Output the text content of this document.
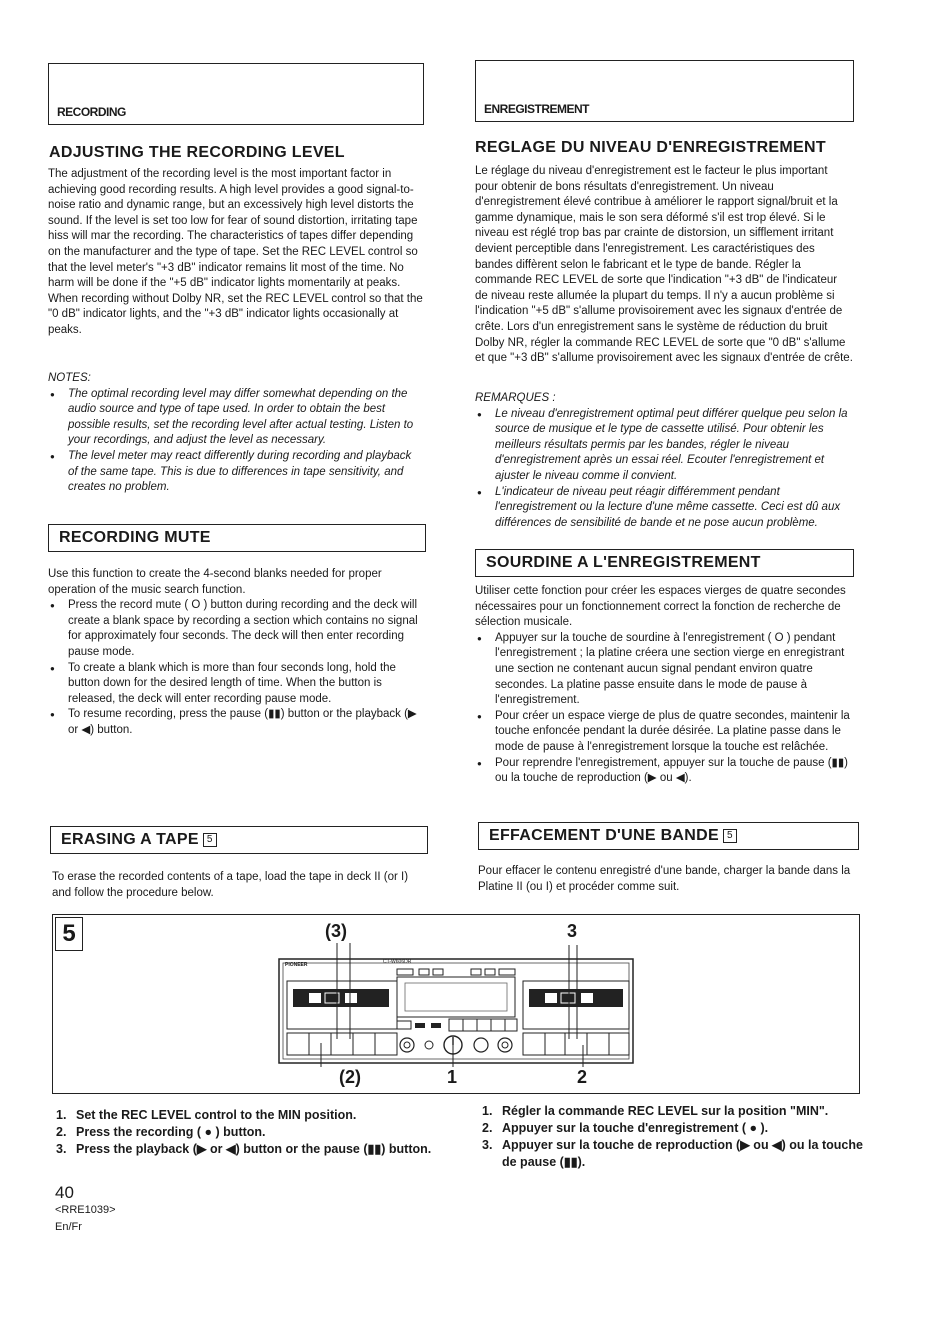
RECORDING
ADJUSTING THE RECORDING LEVEL

The adjustment of the recording level is the most important factor in achieving good recording results. A high level provides a good signal-to-noise ratio and dynamic range, but an excessively high level distorts the sound. If the level is set too low for fear of sound distortion, irritating tape hiss will mar the recording. The characteristics of tapes differ depending on the manufacturer and the type of tape. Set the REC LEVEL control so that the level meter's "+3 dB" indicator remains lit most of the time. No harm will be done if the "+5 dB" indicator lights momentarily at peaks. When recording without Dolby NR, set the REC LEVEL control so that the "0 dB" indicator lights, and the "+3 dB" indicator lights occasionally at peaks.

NOTES:

● The optimal recording level may differ somewhat depending on the audio source and type of tape used. In order to obtain the best possible results, set the recording level after actual testing. Listen to your recordings, and adjust the level as necessary.
● The level meter may react differently during recording and playback of the same tape. This is due to differences in tape sensitivity, and creates no problem.
RECORDING MUTE

Use this function to create the 4-second blanks needed for proper operation of the music search function.

● Press the record mute ( O ) button during recording and the deck will create a blank space by recording a section which contains no signal for approximately four seconds. The deck will then enter recording pause mode.
● To create a blank which is more than four seconds long, hold the button down for the desired length of time. When the button is released, the deck will enter recording pause mode.
● To resume recording, press the pause (▮▮) button or the playback (▶ or ◀) button.
ERASING A TAPE 5

To erase the recorded contents of a tape, load the tape in deck II (or I) and follow the procedure below.

ENREGISTREMENT
REGLAGE DU NIVEAU D'ENREGISTREMENT

Le réglage du niveau d'enregistrement est le facteur le plus important pour obtenir de bons résultats d'enregistrement. Un niveau d'enregistrement élevé contribue à améliorer le rapport signal/bruit et la gamme dynamique, mais le son sera déformé s'il est trop élevé. Si le niveau est réglé trop bas par crainte de distorsion, un sifflement irritant devient perceptible dans l'enregistrement. Les caractéristiques des bandes diffèrent selon le fabricant et le type de bande. Régler la commande REC LEVEL de sorte que l'indication "+3 dB" de l'indicateur de niveau reste allumée la plupart du temps. Il n'y a aucun problème si l'indication "+5 dB" s'allume provisoirement avec les signaux d'entrée de crête. Lors d'un enregistrement sans le système de réduction du bruit Dolby NR, régler la commande REC LEVEL de sorte que "0 dB" s'allume et que "+3 dB" s'allume provisoirement avec les signaux d'entrée de crête.

REMARQUES :

● Le niveau d'enregistrement optimal peut différer quelque peu selon la source de musique et le type de cassette utilisé. Pour obtenir les meilleurs résultats permis par les bandes, régler le niveau d'enregistrement après un essai réel. Ecouter l'enregistrement et ajuster le niveau comme il convient.
● L'indicateur de niveau peut réagir différemment pendant l'enregistrement ou la lecture d'une même cassette. Ceci est dû aux différences de sensibilité de bande et ne pose aucun problème.
SOURDINE A L'ENREGISTREMENT

Utiliser cette fonction pour créer les espaces vierges de quatre secondes nécessaires pour un fonctionnement correct la fonction de recherche de sélection musicale.

● Appuyer sur la touche de sourdine à l'enregistrement ( O ) pendant l'enregistrement ; la platine créera une section vierge en enregistrant une section ne contenant aucun signal pendant environ quatre secondes. La platine passe ensuite dans le mode de pause à l'enregistrement.
● Pour créer un espace vierge de plus de quatre secondes, maintenir la touche enfoncée pendant la durée désirée. La platine passe dans le mode de pause à l'enregistrement lorsque la touche est relâchée.
● Pour reprendre l'enregistrement, appuyer sur la touche de pause (▮▮) ou la touche de reproduction (▶ ou ◀).
EFFACEMENT D'UNE BANDE 5

Pour effacer le contenu enregistré d'une bande, charger la bande dans la Platine II (ou I) et procéder comme suit.

5
PIONEER	CT-W606DR
(3)	3
(2)	1	2
1. Set the REC LEVEL control to the MIN position.
2. Press the recording ( ● ) button.
3. Press the playback (▶ or ◀) button or the pause (▮▮) button.
1. Régler la commande REC LEVEL sur la position "MIN".
2. Appuyer sur la touche d'enregistrement ( ● ).
3. Appuyer sur la touche de reproduction (▶ ou ◀) ou la touche de pause (▮▮).
40
<RRE1039>
En/Fr
